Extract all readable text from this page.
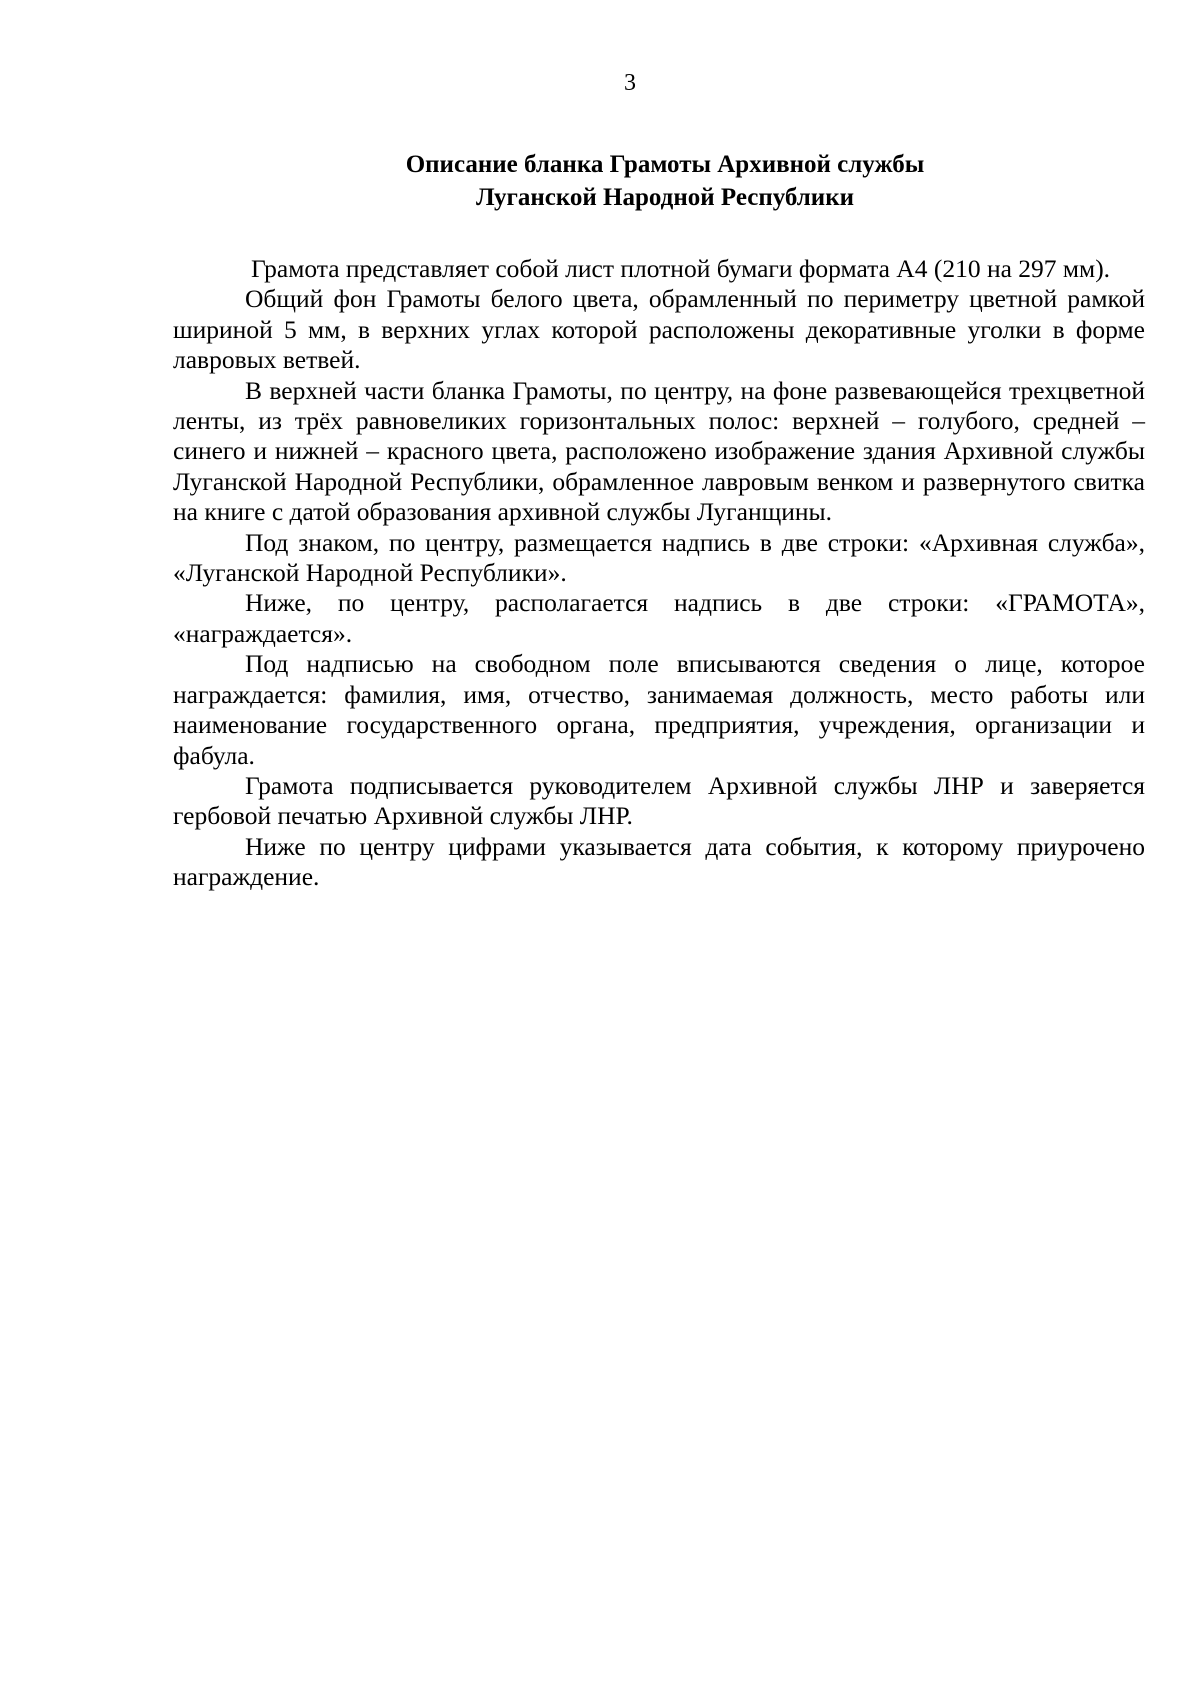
3
Описание бланка Грамоты Архивной службы
Луганской Народной Республики

Грамота представляет собой лист плотной бумаги формата А4 (210 на 297 мм).

Общий фон Грамоты белого цвета, обрамленный по периметру цветной рамкой шириной 5 мм, в верхних углах которой расположены декоративные уголки в форме лавровых ветвей.

В верхней части бланка Грамоты, по центру, на фоне развевающейся трехцветной ленты, из трёх равновеликих горизонтальных полос: верхней – голубого, средней – синего и нижней – красного цвета, расположено изображение здания Архивной службы Луганской Народной Республики, обрамленное лавровым венком и развернутого свитка на книге с датой образования архивной службы Луганщины.

Под знаком, по центру, размещается надпись в две строки: «Архивная служба», «Луганской Народной Республики».

Ниже, по центру, располагается надпись в две строки: «ГРАМОТА», «награждается».

Под надписью на свободном поле вписываются сведения о лице, которое награждается: фамилия, имя, отчество, занимаемая должность, место работы или наименование государственного органа, предприятия, учреждения, организации и фабула.

Грамота подписывается руководителем Архивной службы ЛНР и заверяется гербовой печатью Архивной службы ЛНР.

Ниже по центру цифрами указывается дата события, к которому приурочено награждение.
